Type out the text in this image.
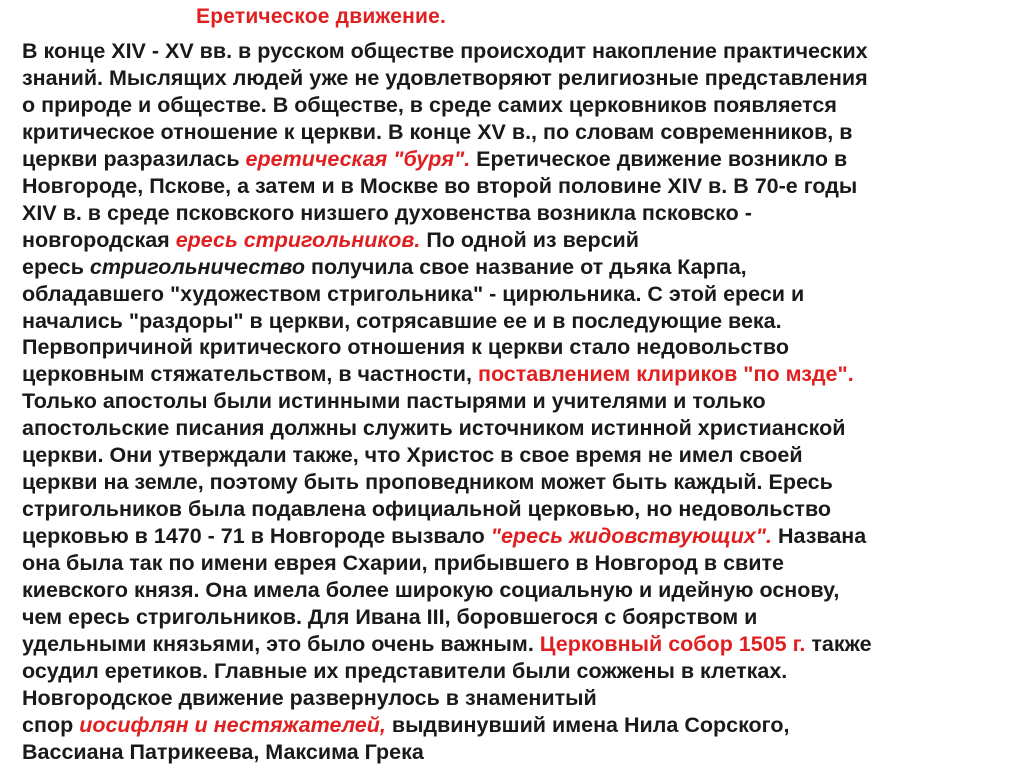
Еретическое движение.
В конце XIV - XV вв. в русском обществе происходит накопление практических
знаний. Мыслящих людей уже не удовлетворяют религиозные представления
о природе и обществе. В обществе, в среде самих церковников появляется
критическое отношение к церкви. В конце XV в., по словам современников, в
церкви разразилась еретическая "буря". Еретическое движение возникло в
Новгороде, Пскове, а затем и в Москве во второй половине XIV в. В 70-е годы
XIV в. в среде псковского низшего духовенства возникла псковско -
новгородская ересь стригольников. По одной из версий
ересь стригольничество получила свое название от дьяка Карпа,
обладавшего "художеством стригольника" - цирюльника. С этой ереси и
начались "раздоры" в церкви, сотрясавшие ее и в последующие века.
Первопричиной критического отношения к церкви стало недовольство
церковным стяжательством, в частности, поставлением клириков "по мзде".
Только апостолы были истинными пастырями и учителями и только
апостольские писания должны служить источником истинной христианской
церкви. Они утверждали также, что Христос в свое время не имел своей
церкви на земле, поэтому быть проповедником может быть каждый. Ересь
стригольников была подавлена официальной церковью, но недовольство
церковью в 1470 - 71 в Новгороде вызвало "ересь жидовствующих". Названа
она была так по имени еврея Схарии, прибывшего в Новгород в свите
киевского князя. Она имела более широкую социальную и идейную основу,
чем ересь стригольников. Для Ивана III, боровшегося с боярством и
удельными князьями, это было очень важным. Церковный собор 1505 г. также
осудил еретиков. Главные их представители были сожжены в клетках.
Новгородское движение развернулось в знаменитый
спор иосифлян и нестяжателей, выдвинувший имена Нила Сорского,
Вассиана Патрикеева, Максима Грека
